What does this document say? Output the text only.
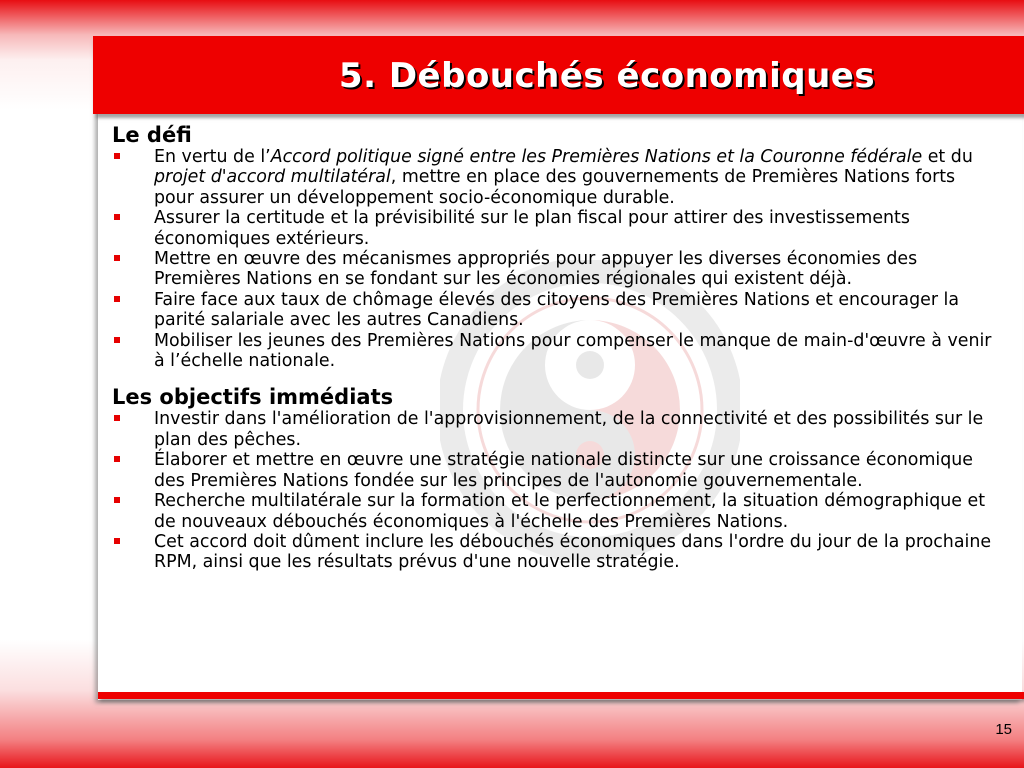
5. Débouchés économiques
Le défi
En vertu de l’Accord politique signé entre les Premières Nations et la Couronne fédérale et du projet d'accord multilatéral, mettre en place des gouvernements de Premières Nations forts pour assurer un développement socio-économique durable.
Assurer la certitude et la prévisibilité sur le plan fiscal pour attirer des investissements économiques extérieurs.
Mettre en œuvre des mécanismes appropriés pour appuyer les diverses économies des Premières Nations en se fondant sur les économies régionales qui existent déjà.
Faire face aux taux de chômage élevés des citoyens des Premières Nations et encourager la parité salariale avec les autres Canadiens.
Mobiliser les jeunes des Premières Nations pour compenser le manque de main-d'œuvre à venir à l’échelle nationale.
Les objectifs immédiats
Investir dans l'amélioration de l'approvisionnement, de la connectivité et des possibilités sur le plan des pêches.
Élaborer et mettre en œuvre une stratégie nationale distincte sur une croissance économique des Premières Nations fondée sur les principes de l'autonomie gouvernementale.
Recherche multilatérale sur la formation et le perfectionnement, la situation démographique et de nouveaux débouchés économiques à l'échelle des Premières Nations.
Cet accord doit dûment inclure les débouchés économiques dans l'ordre du jour de la prochaine RPM, ainsi que les résultats prévus d'une nouvelle stratégie.
15
